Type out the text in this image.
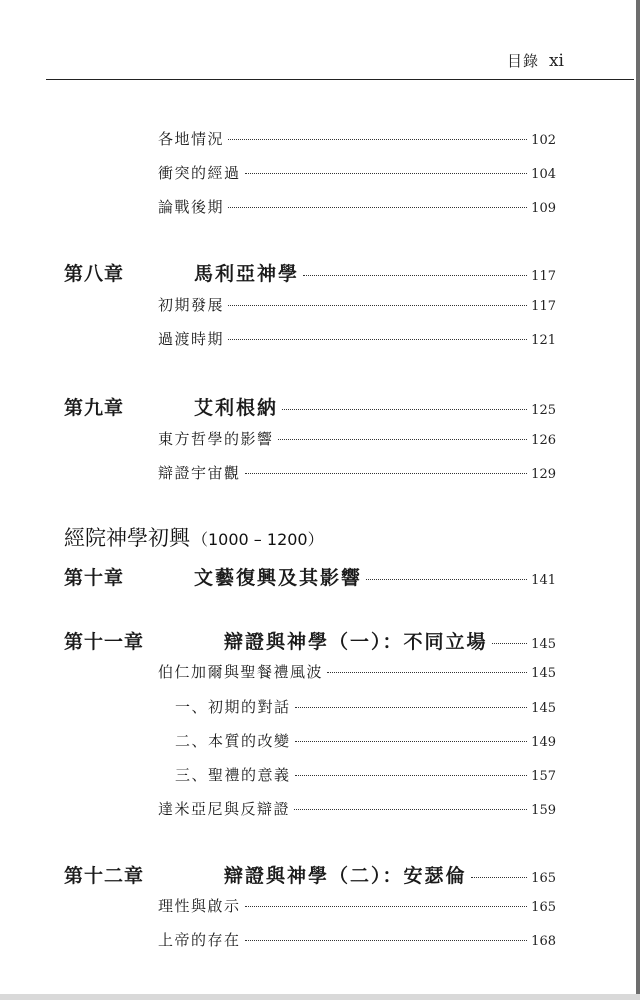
目錄 xi
各地情況	102
衝突的經過	104
論戰後期	109
第八章	馬利亞神學	117
初期發展	117
過渡時期	121
第九章	艾利根納	125
東方哲學的影響	126
辯證宇宙觀	129
經院神學初興 （1000 – 1200）
第十章	文藝復興及其影響	141
第十一章	辯證與神學（一）：不同立場	145
伯仁加爾與聖餐禮風波	145
一、初期的對話	145
二、本質的改變	149
三、聖禮的意義	157
達米亞尼與反辯證	159
第十二章	辯證與神學（二）：安瑟倫	165
理性與啟示	165
上帝的存在	168
